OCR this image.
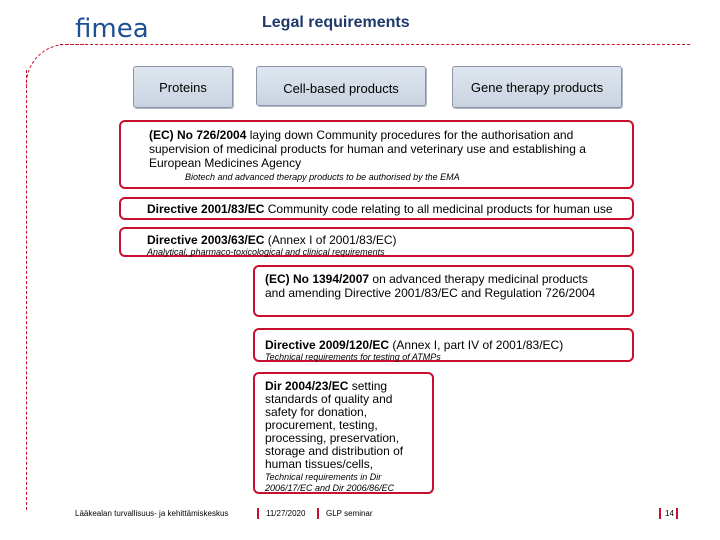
fimea	Legal requirements
Proteins	Cell-based products	Gene therapy products
(EC) No 726/2004 laying down Community procedures for the authorisation and supervision of medicinal products for human and veterinary use and establishing a European Medicines Agency
Biotech and advanced therapy products to be authorised by the EMA
Directive 2001/83/EC Community code relating to all medicinal products for human use
Directive 2003/63/EC (Annex I of 2001/83/EC)
Analytical, pharmaco-toxicological and clinical requirements
(EC) No 1394/2007 on advanced therapy medicinal products and amending Directive 2001/83/EC and Regulation 726/2004
Directive 2009/120/EC (Annex I, part IV of 2001/83/EC)
Technical requirements for testing of ATMPs
Dir 2004/23/EC setting standards of quality and safety for donation, procurement, testing, processing, preservation, storage and distribution of human tissues/cells,
Technical requirements in Dir 2006/17/EC and Dir 2006/86/EC
Lääkealan turvallisuus- ja kehittämiskeskus	11/27/2020	GLP seminar	14
